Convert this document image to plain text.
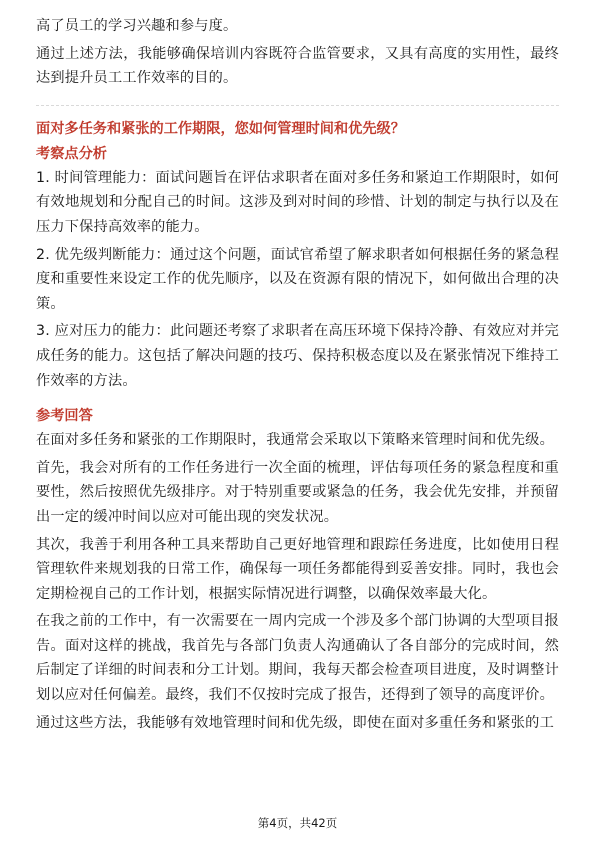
高了员工的学习兴趣和参与度。

通过上述方法，我能够确保培训内容既符合监管要求，又具有高度的实用性，最终达到提升员工工作效率的目的。

面对多任务和紧张的工作期限，您如何管理时间和优先级？
考察点分析

1. 时间管理能力：面试问题旨在评估求职者在面对多任务和紧迫工作期限时，如何有效地规划和分配自己的时间。这涉及到对时间的珍惜、计划的制定与执行以及在压力下保持高效率的能力。

2. 优先级判断能力：通过这个问题，面试官希望了解求职者如何根据任务的紧急程度和重要性来设定工作的优先顺序，以及在资源有限的情况下，如何做出合理的决策。

3. 应对压力的能力：此问题还考察了求职者在高压环境下保持冷静、有效应对并完成任务的能力。这包括了解决问题的技巧、保持积极态度以及在紧张情况下维持工作效率的方法。

参考回答

在面对多任务和紧张的工作期限时，我通常会采取以下策略来管理时间和优先级。

首先，我会对所有的工作任务进行一次全面的梳理，评估每项任务的紧急程度和重要性，然后按照优先级排序。对于特别重要或紧急的任务，我会优先安排，并预留出一定的缓冲时间以应对可能出现的突发状况。

其次，我善于利用各种工具来帮助自己更好地管理和跟踪任务进度，比如使用日程管理软件来规划我的日常工作，确保每一项任务都能得到妥善安排。同时，我也会定期检视自己的工作计划，根据实际情况进行调整，以确保效率最大化。

在我之前的工作中，有一次需要在一周内完成一个涉及多个部门协调的大型项目报告。面对这样的挑战，我首先与各部门负责人沟通确认了各自部分的完成时间，然后制定了详细的时间表和分工计划。期间，我每天都会检查项目进度，及时调整计划以应对任何偏差。最终，我们不仅按时完成了报告，还得到了领导的高度评价。

通过这些方法，我能够有效地管理时间和优先级，即使在面对多重任务和紧张的工

第4页，共42页
